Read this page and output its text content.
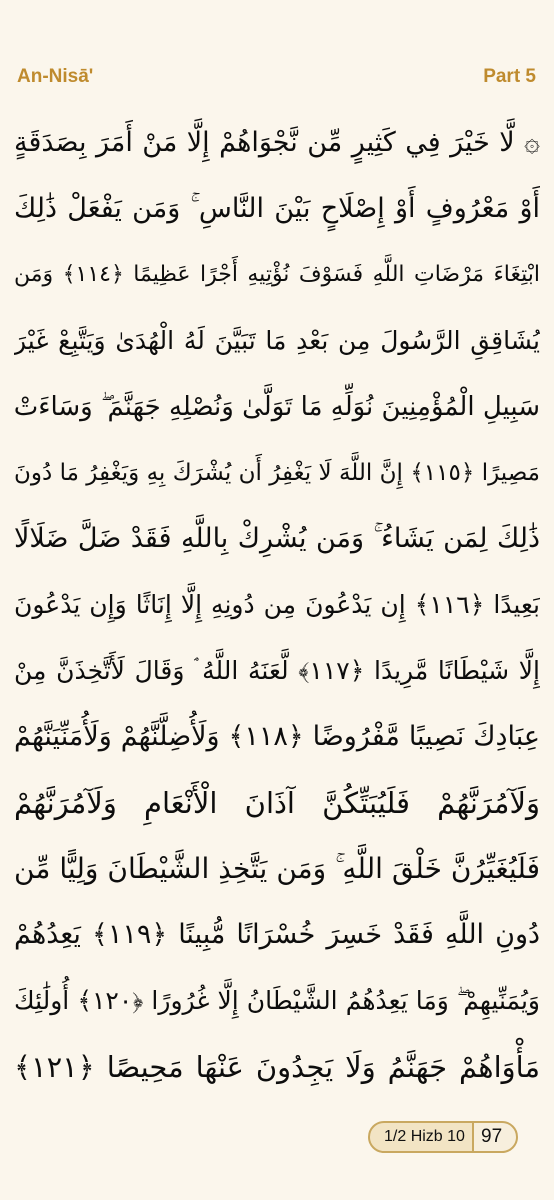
An-Nisā'	Part 5
۞ لَّا خَيْرَ فِي كَثِيرٍ مِّن نَّجْوَاهُمْ إِلَّا مَنْ أَمَرَ بِصَدَقَةٍ
أَوْ مَعْرُوفٍ أَوْ إِصْلَاحٍ بَيْنَ النَّاسِ ۚ وَمَن يَفْعَلْ ذَٰلِكَ
ابْتِغَاءَ مَرْضَاتِ اللَّهِ فَسَوْفَ نُؤْتِيهِ أَجْرًا عَظِيمًا ﴿١١٤﴾ وَمَن
يُشَاقِقِ الرَّسُولَ مِن بَعْدِ مَا تَبَيَّنَ لَهُ الْهُدَىٰ وَيَتَّبِعْ غَيْرَ
سَبِيلِ الْمُؤْمِنِينَ نُوَلِّهِ مَا تَوَلَّىٰ وَنُصْلِهِ جَهَنَّمَ ۖ وَسَاءَتْ
مَصِيرًا ﴿١١٥﴾ إِنَّ اللَّهَ لَا يَغْفِرُ أَن يُشْرَكَ بِهِ وَيَغْفِرُ مَا دُونَ
ذَٰلِكَ لِمَن يَشَاءُ ۚ وَمَن يُشْرِكْ بِاللَّهِ فَقَدْ ضَلَّ ضَلَالًا
بَعِيدًا ﴿١١٦﴾ إِن يَدْعُونَ مِن دُونِهِ إِلَّا إِنَاثًا وَإِن يَدْعُونَ
إِلَّا شَيْطَانًا مَّرِيدًا ﴿١١٧﴾ لَّعَنَهُ اللَّهُ ۘ وَقَالَ لَأَتَّخِذَنَّ مِنْ
عِبَادِكَ نَصِيبًا مَّفْرُوضًا ﴿١١٨﴾ وَلَأُضِلَّنَّهُمْ وَلَأُمَنِّيَنَّهُمْ
وَلَآمُرَنَّهُمْ فَلَيُبَتِّكُنَّ آذَانَ الْأَنْعَامِ وَلَآمُرَنَّهُمْ
فَلَيُغَيِّرُنَّ خَلْقَ اللَّهِ ۚ وَمَن يَتَّخِذِ الشَّيْطَانَ وَلِيًّا مِّن
دُونِ اللَّهِ فَقَدْ خَسِرَ خُسْرَانًا مُّبِينًا ﴿١١٩﴾ يَعِدُهُمْ
وَيُمَنِّيهِمْ ۖ وَمَا يَعِدُهُمُ الشَّيْطَانُ إِلَّا غُرُورًا ﴿١٢٠﴾ أُولَٰئِكَ
مَأْوَاهُمْ جَهَنَّمُ وَلَا يَجِدُونَ عَنْهَا مَحِيصًا ﴿١٢١﴾
1/2 Hizb 10 97
